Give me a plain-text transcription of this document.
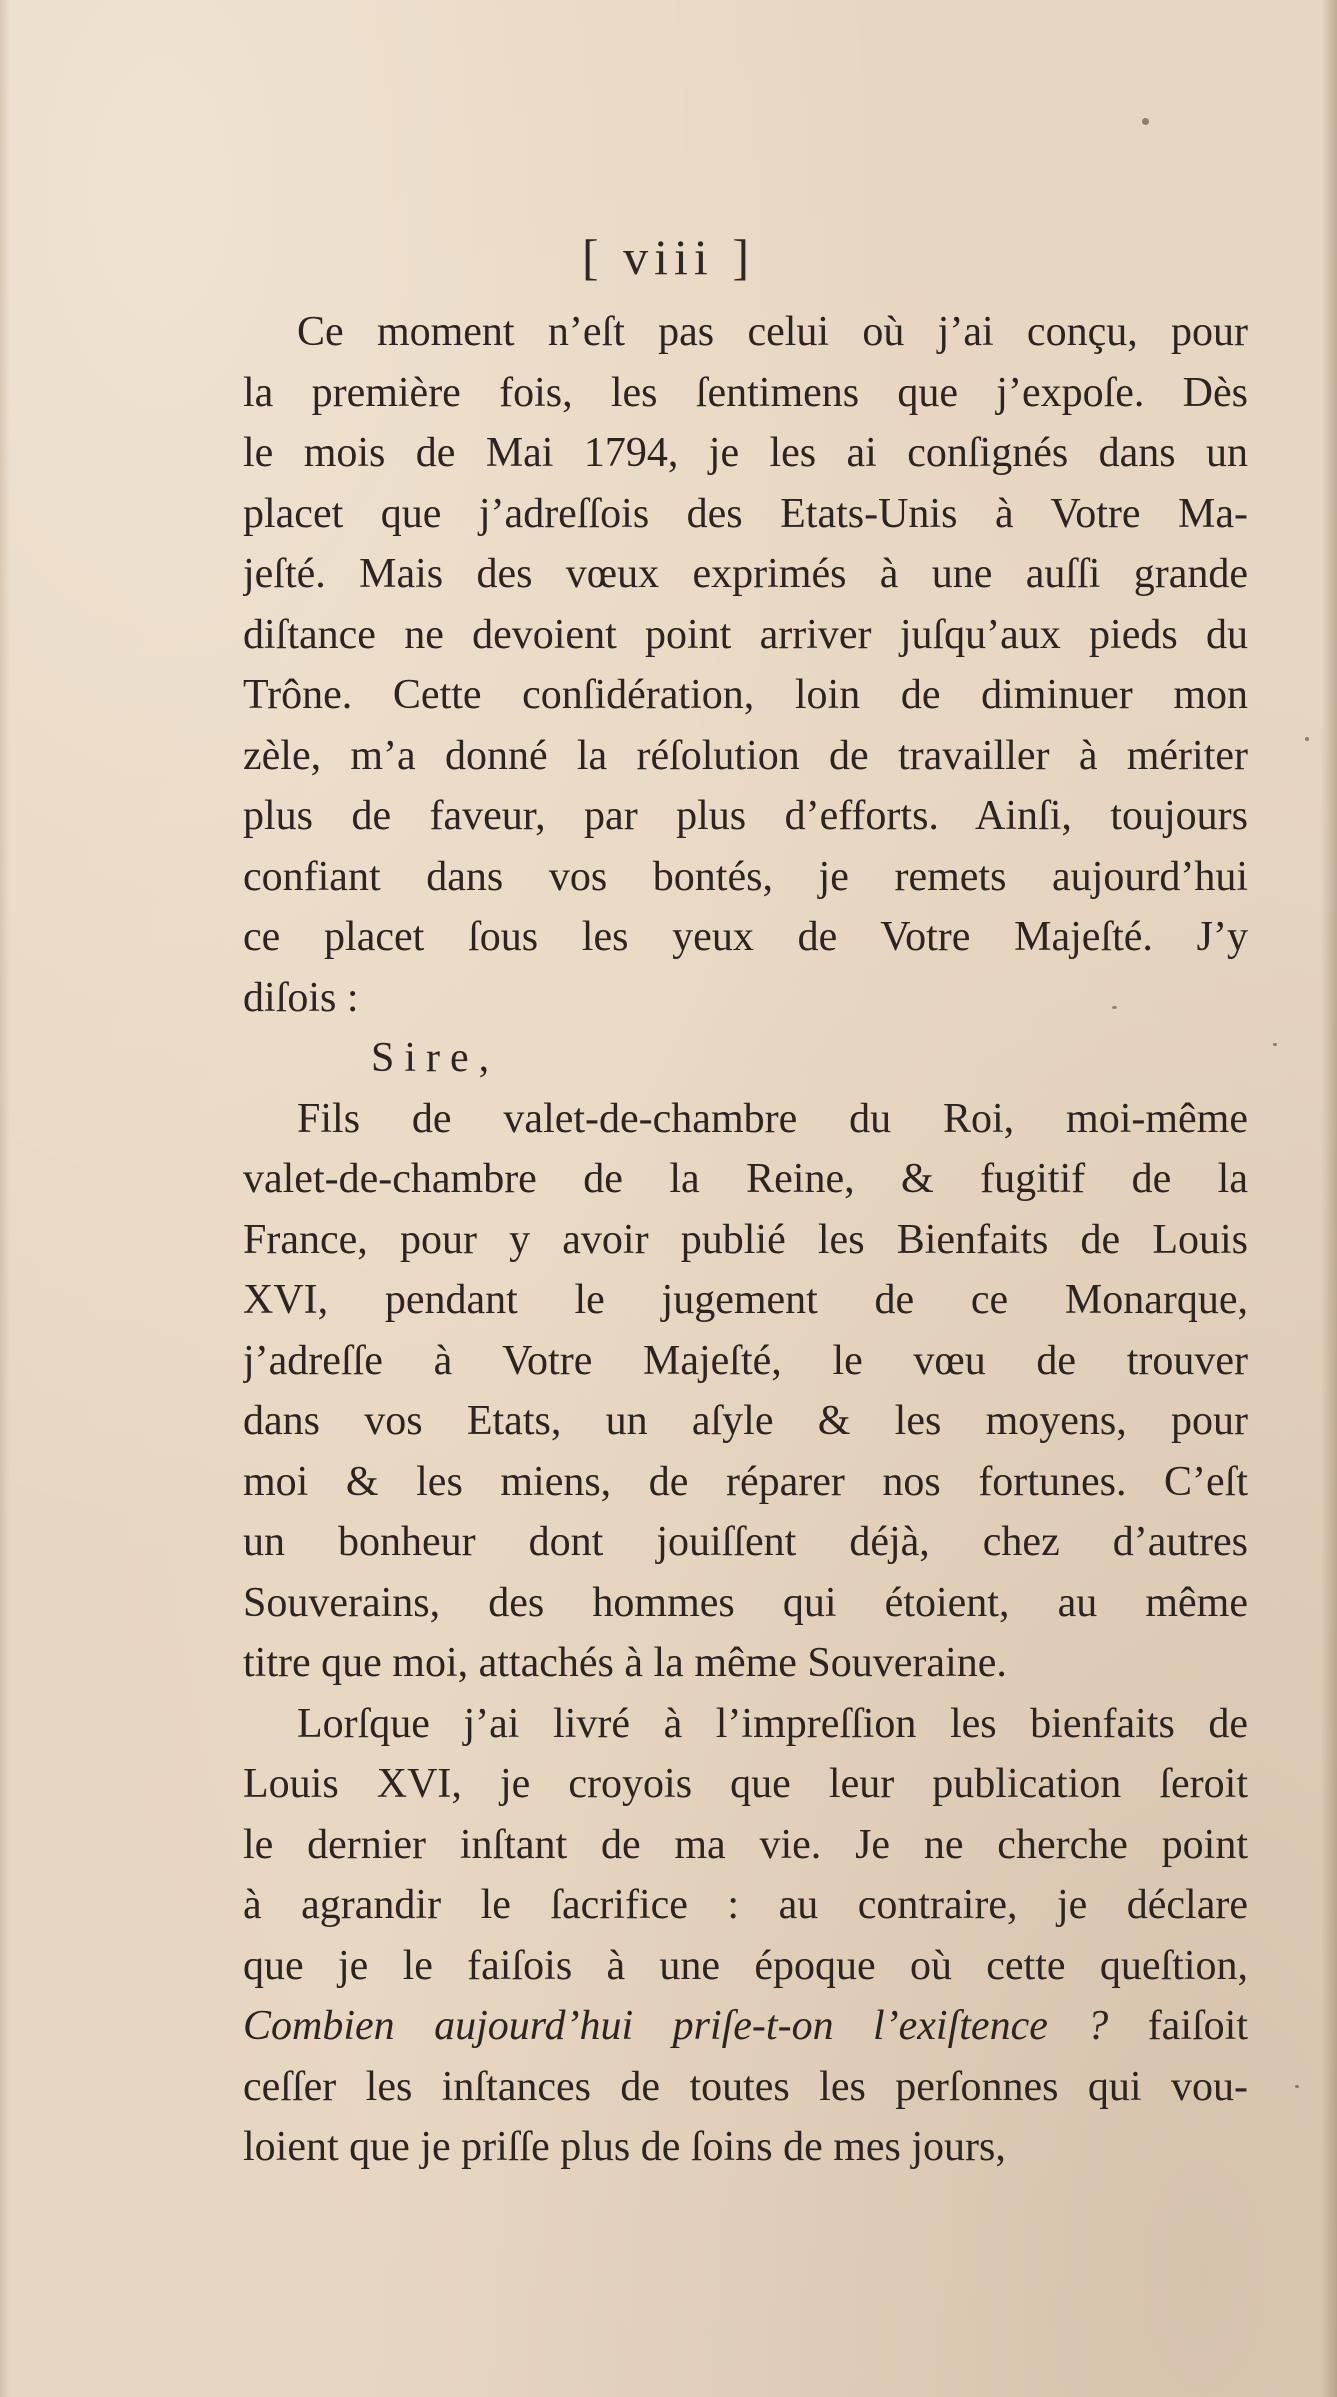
[ viii ]
Ce moment n’eſt pas celui où j’ai conçu, pour
la première fois, les ſentimens que j’expoſe. Dès
le mois de Mai 1794, je les ai conſignés dans un
placet que j’adreſſois des Etats-Unis à Votre Ma-
jeſté. Mais des vœux exprimés à une auſſi grande
diſtance ne devoient point arriver juſqu’aux pieds du
Trône. Cette conſidération, loin de diminuer mon
zèle, m’a donné la réſolution de travailler à mériter
plus de faveur, par plus d’efforts. Ainſi, toujours
confiant dans vos bontés, je remets aujourd’hui
ce placet ſous les yeux de Votre Majeſté. J’y
diſois :
Sire,
Fils de valet-de-chambre du Roi, moi-même
valet-de-chambre de la Reine, & fugitif de la
France, pour y avoir publié les Bienfaits de Louis
XVI, pendant le jugement de ce Monarque,
j’adreſſe à Votre Majeſté, le vœu de trouver
dans vos Etats, un aſyle & les moyens, pour
moi & les miens, de réparer nos fortunes. C’eſt
un bonheur dont jouiſſent déjà, chez d’autres
Souverains, des hommes qui étoient, au même
titre que moi, attachés à la même Souveraine.
Lorſque j’ai livré à l’impreſſion les bienfaits de
Louis XVI, je croyois que leur publication ſeroit
le dernier inſtant de ma vie. Je ne cherche point
à agrandir le ſacrifice : au contraire, je déclare
que je le faiſois à une époque où cette queſtion,
Combien aujourd’hui priſe-t-on l’exiſtence ? faiſoit
ceſſer les inſtances de toutes les perſonnes qui vou-
loient que je priſſe plus de ſoins de mes jours,
